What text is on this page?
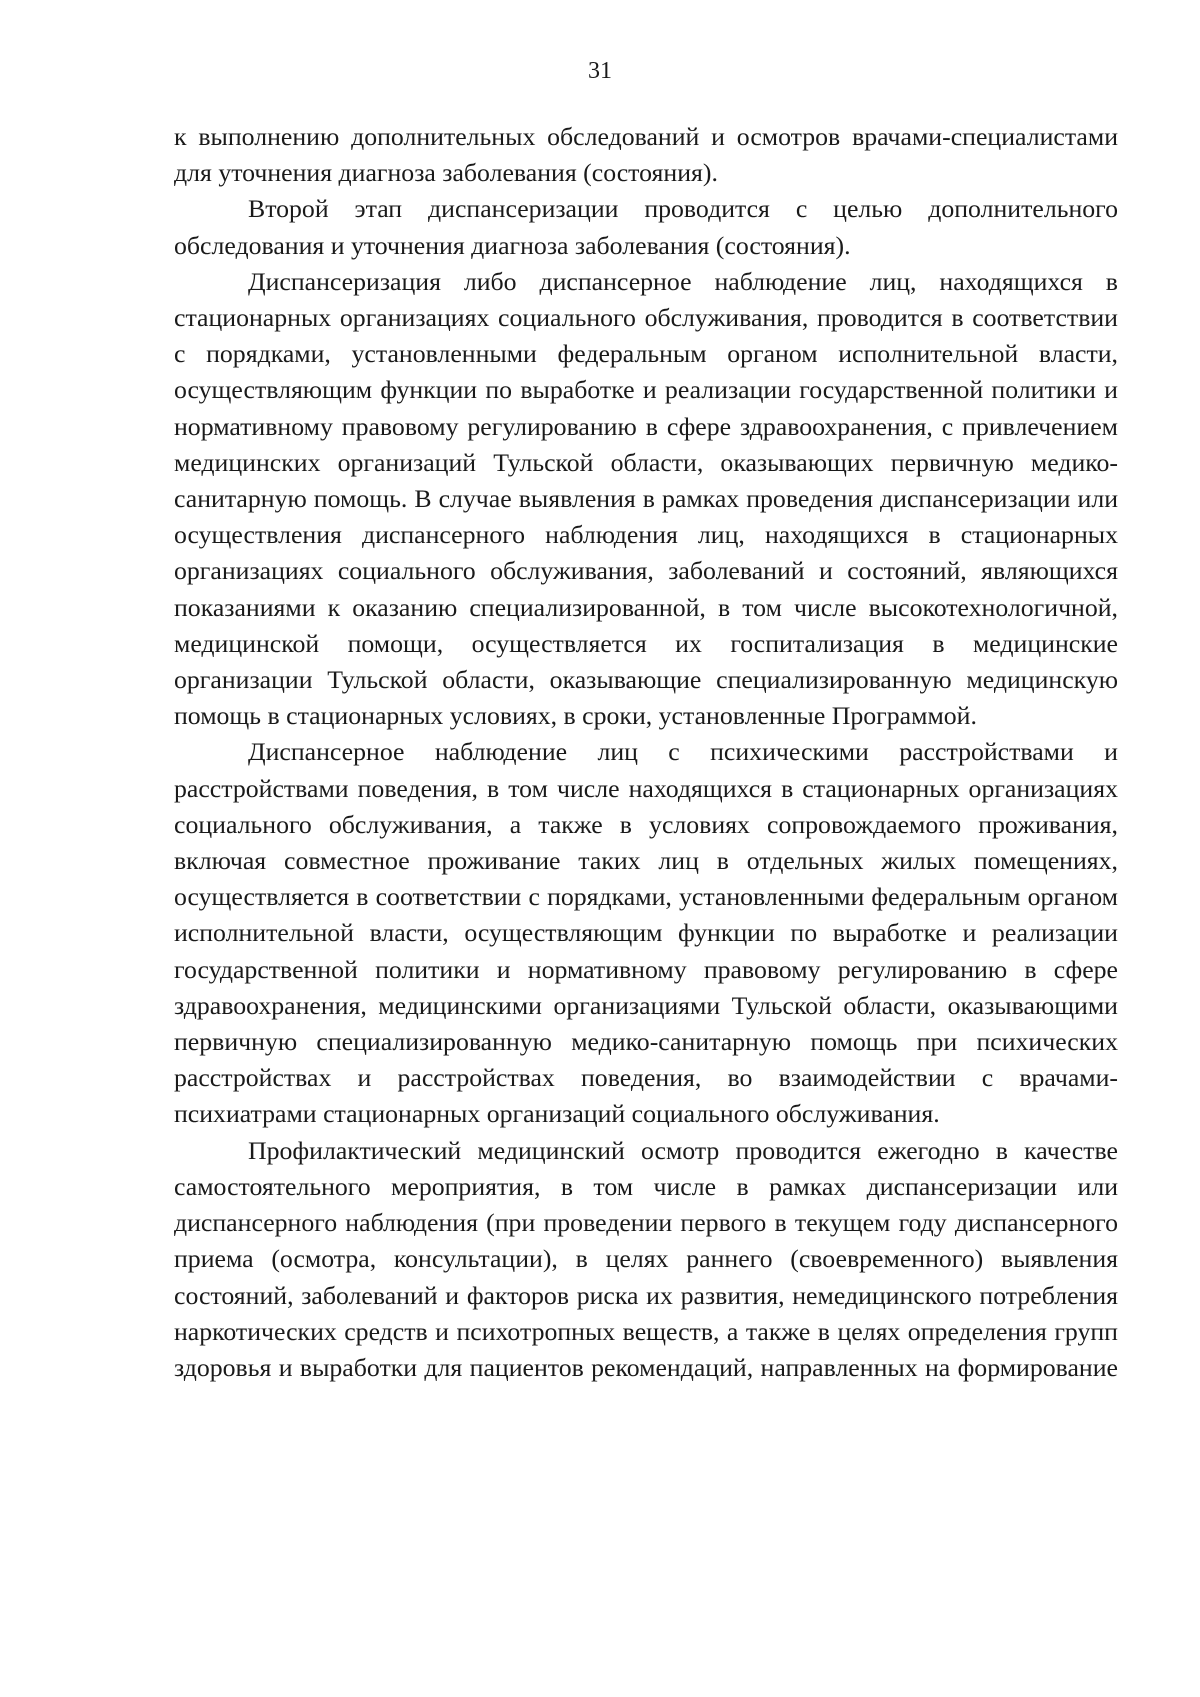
31

к выполнению дополнительных обследований и осмотров врачами-специалистами для уточнения диагноза заболевания (состояния).

Второй этап диспансеризации проводится с целью дополнительного обследования и уточнения диагноза заболевания (состояния).

Диспансеризация либо диспансерное наблюдение лиц, находящихся в стационарных организациях социального обслуживания, проводится в соответствии с порядками, установленными федеральным органом исполнительной власти, осуществляющим функции по выработке и реализации государственной политики и нормативному правовому регулированию в сфере здравоохранения, с привлечением медицинских организаций Тульской области, оказывающих первичную медико-санитарную помощь. В случае выявления в рамках проведения диспансеризации или осуществления диспансерного наблюдения лиц, находящихся в стационарных организациях социального обслуживания, заболеваний и состояний, являющихся показаниями к оказанию специализированной, в том числе высокотехнологичной, медицинской помощи, осуществляется их госпитализация в медицинские организации Тульской области, оказывающие специализированную медицинскую помощь в стационарных условиях, в сроки, установленные Программой.

Диспансерное наблюдение лиц с психическими расстройствами и расстройствами поведения, в том числе находящихся в стационарных организациях социального обслуживания, а также в условиях сопровождаемого проживания, включая совместное проживание таких лиц в отдельных жилых помещениях, осуществляется в соответствии с порядками, установленными федеральным органом исполнительной власти, осуществляющим функции по выработке и реализации государственной политики и нормативному правовому регулированию в сфере здравоохранения, медицинскими организациями Тульской области, оказывающими первичную специализированную медико-санитарную помощь при психических расстройствах и расстройствах поведения, во взаимодействии с врачами-психиатрами стационарных организаций социального обслуживания.

Профилактический медицинский осмотр проводится ежегодно в качестве самостоятельного мероприятия, в том числе в рамках диспансеризации или диспансерного наблюдения (при проведении первого в текущем году диспансерного приема (осмотра, консультации), в целях раннего (своевременного) выявления состояний, заболеваний и факторов риска их развития, немедицинского потребления наркотических средств и психотропных веществ, а также в целях определения групп здоровья и выработки для пациентов рекомендаций, направленных на формирование
